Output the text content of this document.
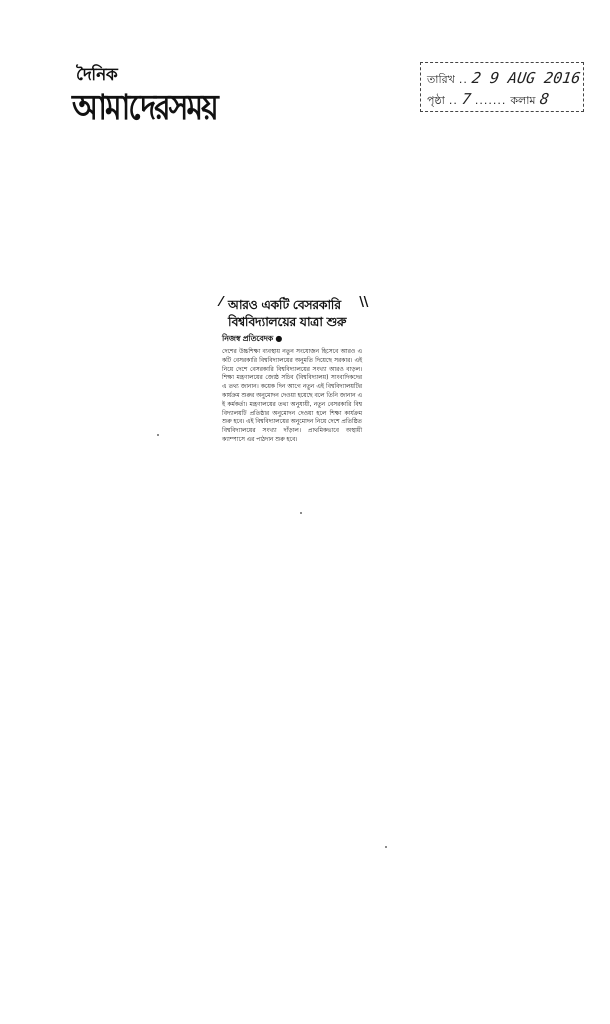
দৈনিক
আমাদেরসময়
তারিখ .. 2 9 AUG 2016
পৃষ্ঠা .. 7 ....... কলাম 8
⁄ আরও একটি বেসরকারি
বিশ্ববিদ্যালয়ের যাত্রা শুরু
\\
নিজস্ব প্রতিবেদক ●
দেশের উচ্চশিক্ষা ব্যবস্থায় নতুন সংযোজন হিসেবে আরও একটি বেসরকারি বিশ্ববিদ্যালয়ের অনুমতি দিয়েছে সরকার। এই নিয়ে দেশে বেসরকারি বিশ্ববিদ্যালয়ের সংখ্যা আরও বাড়ল। শিক্ষা মন্ত্রণালয়ের জ্যেষ্ঠ সচিব (বিশ্ববিদ্যালয়) সাংবাদিকদের এ তথ্য জানান। কয়েক দিন আগে নতুন এই বিশ্ববিদ্যালয়টির কার্যক্রম শুরুর অনুমোদন দেওয়া হয়েছে বলে তিনি জানান এই কর্মকর্তা। মন্ত্রণালয়ের তথ্য অনুযায়ী, নতুন বেসরকারি বিশ্ববিদ্যালয়টি প্রতিষ্ঠার অনুমোদন দেওয়া হলে শিক্ষা কার্যক্রম শুরু হবে। এই বিশ্ববিদ্যালয়ের অনুমোদন নিয়ে দেশে প্রতিষ্ঠিত বিশ্ববিদ্যালয়ের সংখ্যা দাঁড়াল। প্রাথমিকভাবে অস্থায়ী ক্যাম্পাসে এর পাঠদান শুরু হবে।
